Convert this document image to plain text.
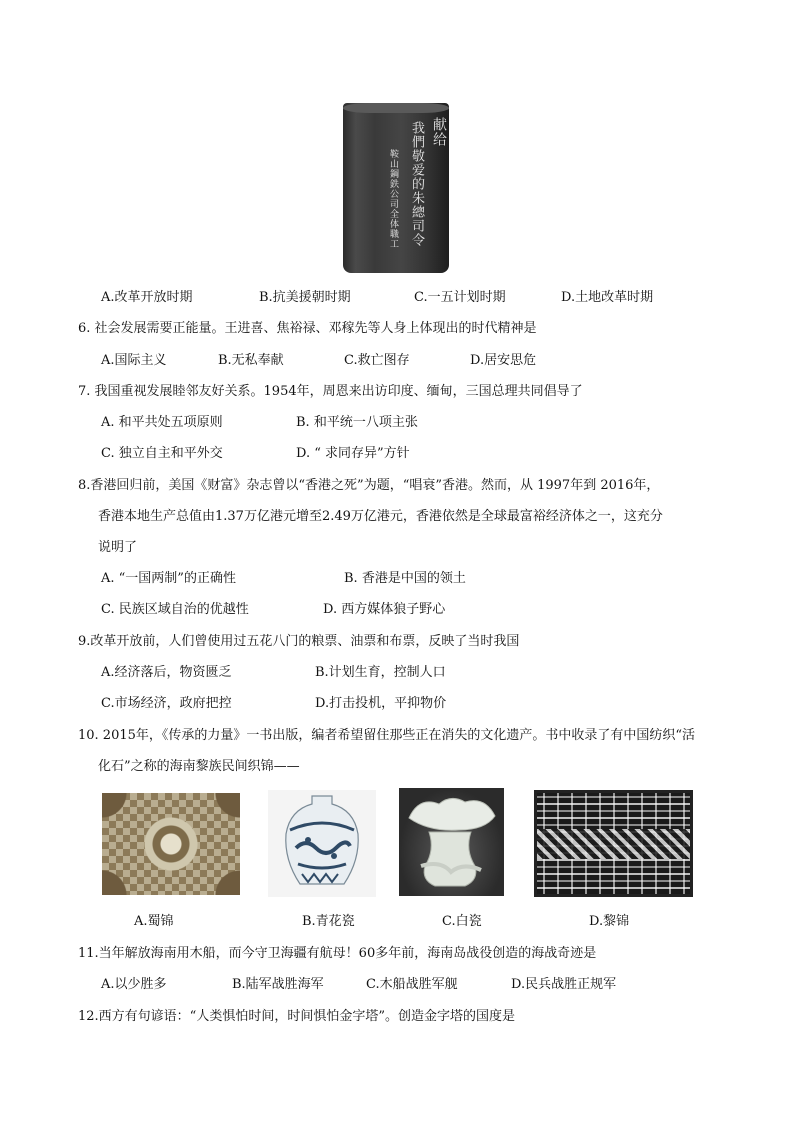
献给
我們敬爱的朱總司令
鞍山鋼鉄公司全体職工
A.改革开放时期	B.抗美援朝时期	C.一五计划时期	D.土地改革时期
6. 社会发展需要正能量。王进喜、焦裕禄、邓稼先等人身上体现出的时代精神是
A.国际主义	B.无私奉献	C.救亡图存	D.居安思危
7. 我国重视发展睦邻友好关系。1954年，周恩来出访印度、缅甸，三国总理共同倡导了
A. 和平共处五项原则	B. 和平统一八项主张
C. 独立自主和平外交	D. “ 求同存异”方针
8.香港回归前，美国《财富》杂志曾以“香港之死”为题，“唱衰”香港。然而，从 1997年到 2016年，
香港本地生产总值由1.37万亿港元增至2.49万亿港元，香港依然是全球最富裕经济体之一，这充分
说明了
A. “一国两制”的正确性	B. 香港是中国的领土
C. 民族区域自治的优越性	D. 西方媒体狼子野心
9.改革开放前，人们曾使用过五花八门的粮票、油票和布票，反映了当时我国
A.经济落后，物资匮乏	B.计划生育，控制人口
C.市场经济，政府把控	D.打击投机，平抑物价
10. 2015年，《传承的力量》一书出版，编者希望留住那些正在消失的文化遗产。书中收录了有中国纺织“活
化石”之称的海南黎族民间织锦——
A.蜀锦	B.青花瓷	C.白瓷	D.黎锦
11.当年解放海南用木船，而今守卫海疆有航母！60多年前，海南岛战役创造的海战奇迹是
A.以少胜多	B.陆军战胜海军	C.木船战胜军舰	D.民兵战胜正规军
12.西方有句谚语：“人类惧怕时间，时间惧怕金字塔”。创造金字塔的国度是
